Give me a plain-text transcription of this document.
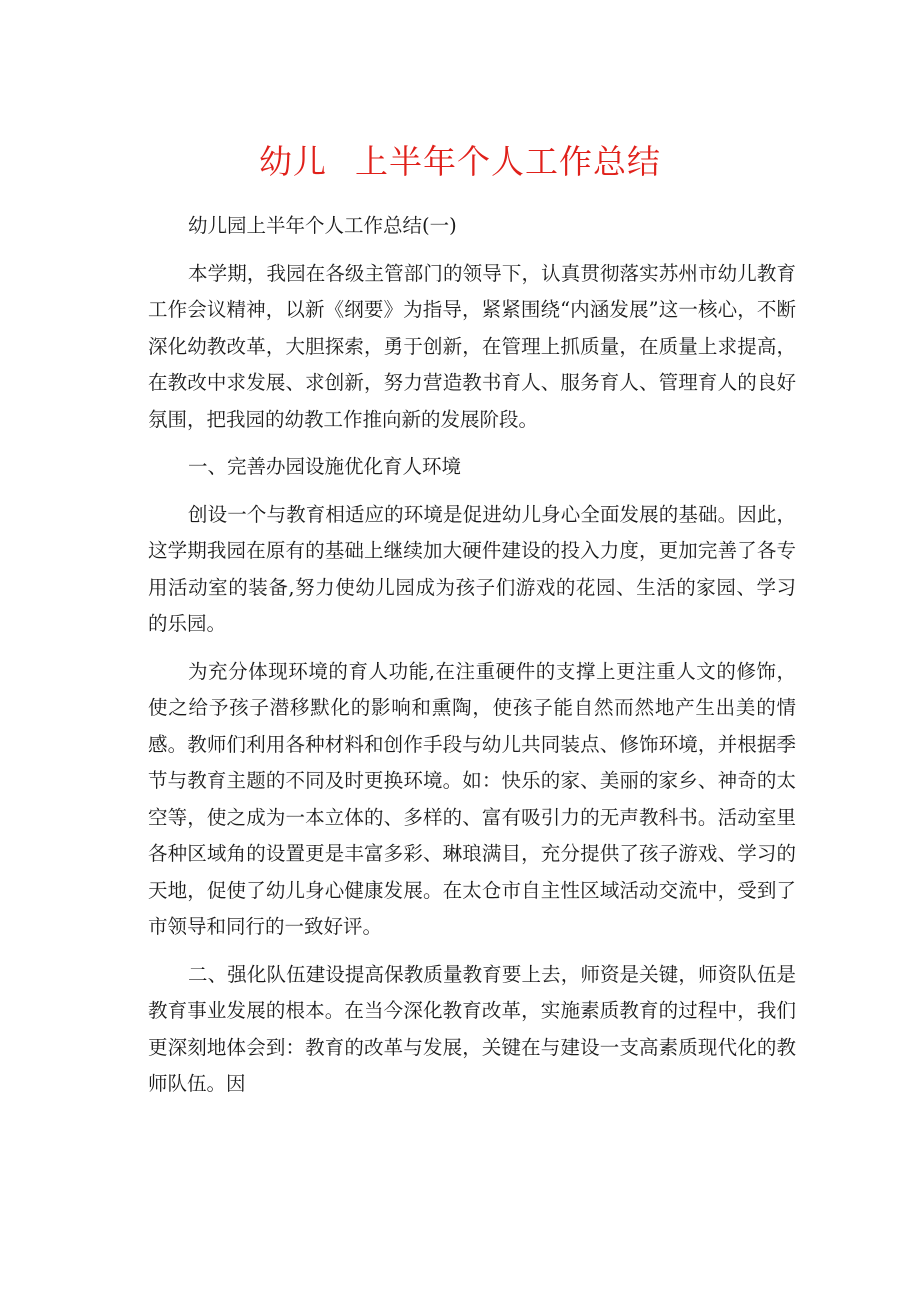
幼儿 上半年个人工作总结

幼儿园上半年个人工作总结(一)

本学期，我园在各级主管部门的领导下，认真贯彻落实苏州市幼儿教育工作会议精神，以新《纲要》为指导，紧紧围绕“内涵发展”这一核心，不断深化幼教改革，大胆探索，勇于创新，在管理上抓质量，在质量上求提高，在教改中求发展、求创新，努力营造教书育人、服务育人、管理育人的良好氛围，把我园的幼教工作推向新的发展阶段。

一、完善办园设施优化育人环境

创设一个与教育相适应的环境是促进幼儿身心全面发展的基础。因此，这学期我园在原有的基础上继续加大硬件建设的投入力度，更加完善了各专用活动室的装备,努力使幼儿园成为孩子们游戏的花园、生活的家园、学习的乐园。

为充分体现环境的育人功能,在注重硬件的支撑上更注重人文的修饰，使之给予孩子潜移默化的影响和熏陶，使孩子能自然而然地产生出美的情感。教师们利用各种材料和创作手段与幼儿共同装点、修饰环境，并根据季节与教育主题的不同及时更换环境。如：快乐的家、美丽的家乡、神奇的太空等，使之成为一本立体的、多样的、富有吸引力的无声教科书。活动室里各种区域角的设置更是丰富多彩、琳琅满目，充分提供了孩子游戏、学习的天地，促使了幼儿身心健康发展。在太仓市自主性区域活动交流中，受到了市领导和同行的一致好评。

二、强化队伍建设提高保教质量教育要上去，师资是关键，师资队伍是教育事业发展的根本。在当今深化教育改革，实施素质教育的过程中，我们更深刻地体会到：教育的改革与发展，关键在与建设一支高素质现代化的教师队伍。因
